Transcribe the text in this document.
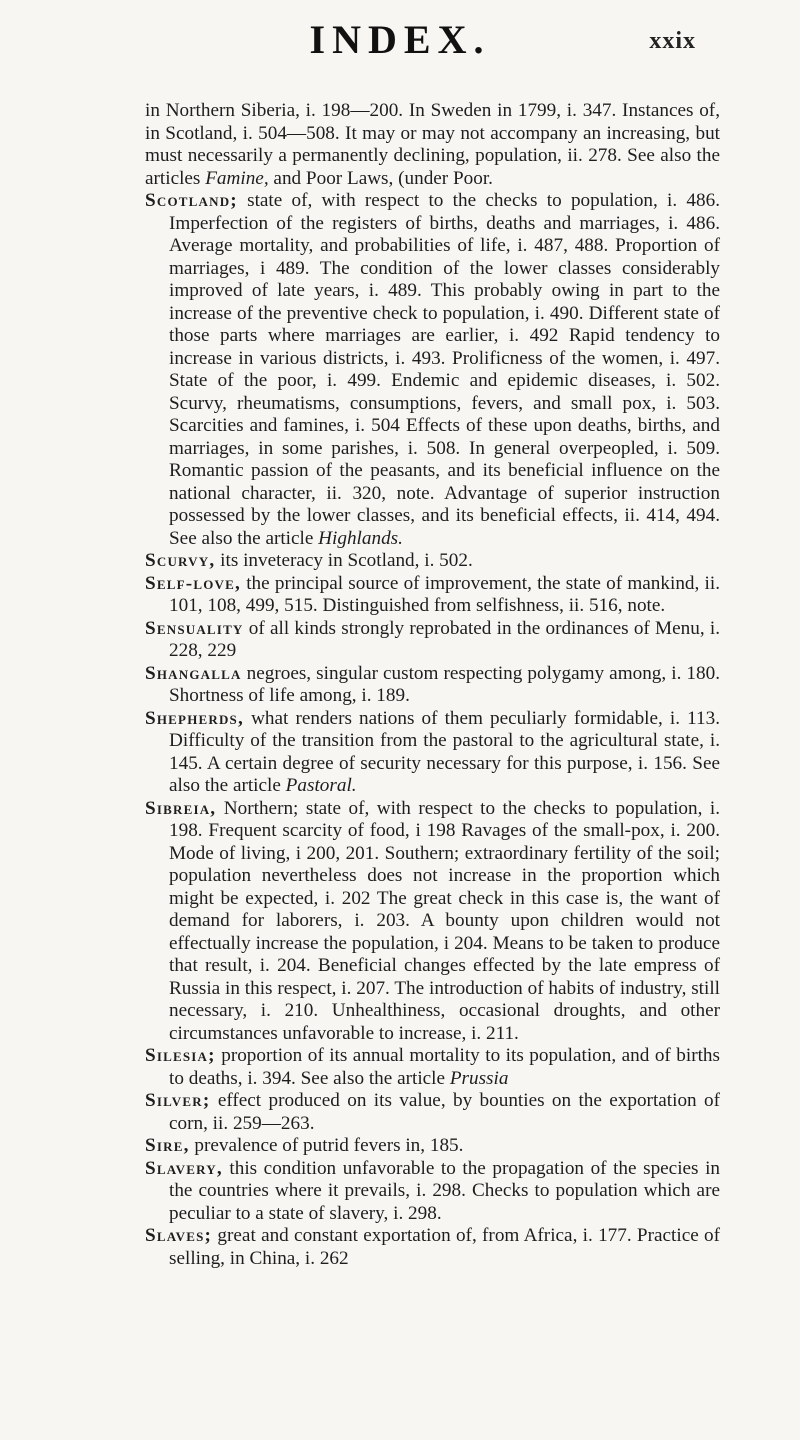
INDEX.	xxix

in Northern Siberia, i. 198—200. In Sweden in 1799, i. 347. Instances of, in Scotland, i. 504—508. It may or may not accompany an increasing, but must necessarily a permanently declining, population, ii. 278. See also the articles Famine, and Poor Laws, (under Poor.

Scotland; state of, with respect to the checks to population, i. 486. Imperfection of the registers of births, deaths and marriages, i. 486. Average mortality, and probabilities of life, i. 487, 488. Proportion of marriages, i 489. The condition of the lower classes considerably improved of late years, i. 489. This probably owing in part to the increase of the preventive check to population, i. 490. Different state of those parts where marriages are earlier, i. 492 Rapid tendency to increase in various districts, i. 493. Prolificness of the women, i. 497. State of the poor, i. 499. Endemic and epidemic diseases, i. 502. Scurvy, rheumatisms, consumptions, fevers, and small pox, i. 503. Scarcities and famines, i. 504 Effects of these upon deaths, births, and marriages, in some parishes, i. 508. In general overpeopled, i. 509. Romantic passion of the peasants, and its beneficial influence on the national character, ii. 320, note. Advantage of superior instruction possessed by the lower classes, and its beneficial effects, ii. 414, 494. See also the article Highlands.

Scurvy, its inveteracy in Scotland, i. 502.

Self-love, the principal source of improvement, the state of mankind, ii. 101, 108, 499, 515. Distinguished from selfishness, ii. 516, note.

Sensuality of all kinds strongly reprobated in the ordinances of Menu, i. 228, 229

Shangalla negroes, singular custom respecting polygamy among, i. 180. Shortness of life among, i. 189.

Shepherds, what renders nations of them peculiarly formidable, i. 113. Difficulty of the transition from the pastoral to the agricultural state, i. 145. A certain degree of security necessary for this purpose, i. 156. See also the article Pastoral.

Sibreia, Northern; state of, with respect to the checks to population, i. 198. Frequent scarcity of food, i 198 Ravages of the small-pox, i. 200. Mode of living, i 200, 201. Southern; extraordinary fertility of the soil; population nevertheless does not increase in the proportion which might be expected, i. 202 The great check in this case is, the want of demand for laborers, i. 203. A bounty upon children would not effectually increase the population, i 204. Means to be taken to produce that result, i. 204. Beneficial changes effected by the late empress of Russia in this respect, i. 207. The introduction of habits of industry, still necessary, i. 210. Unhealthiness, occasional droughts, and other circumstances unfavorable to increase, i. 211.

Silesia; proportion of its annual mortality to its population, and of births to deaths, i. 394. See also the article Prussia

Silver; effect produced on its value, by bounties on the exportation of corn, ii. 259—263.

Sire, prevalence of putrid fevers in, 185.

Slavery, this condition unfavorable to the propagation of the species in the countries where it prevails, i. 298. Checks to population which are peculiar to a state of slavery, i. 298.

Slaves; great and constant exportation of, from Africa, i. 177. Practice of selling, in China, i. 262
